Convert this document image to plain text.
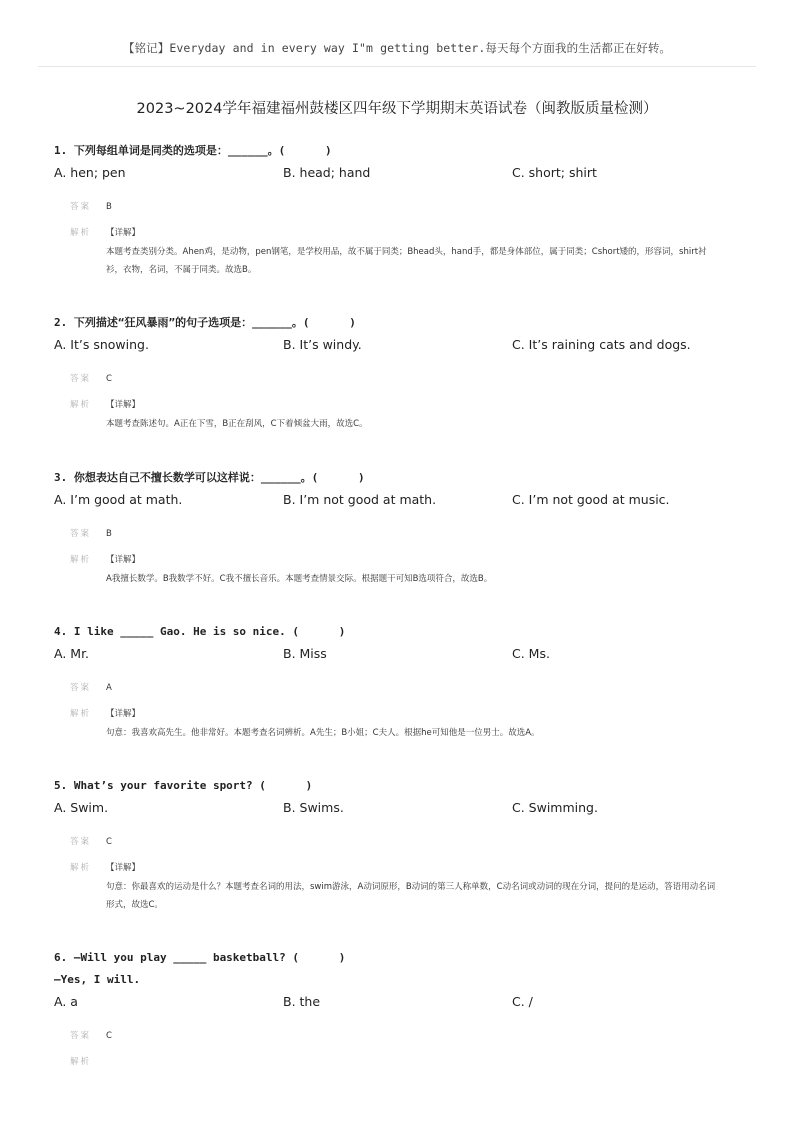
【铭记】Everyday and in every way I"m getting better.每天每个方面我的生活都正在好转。
2023~2024学年福建福州鼓楼区四年级下学期期末英语试卷（闽教版质量检测）
1. 下列每组单词是同类的选项是：______。(      )
A. hen; pen	B. head; hand	C. short; shirt
答案 B
解析 【详解】
本题考查类别分类。Ahen鸡，是动物，pen钢笔，是学校用品，故不属于同类；Bhead头，hand手，都是身体部位，属于同类；Cshort矮的，形容词，shirt衬衫，衣物，名词，不属于同类。故选B。
2. 下列描述“狂风暴雨”的句子选项是：______。(      )
A. It’s snowing.	B. It’s windy.	C. It’s raining cats and dogs.
答案 C
解析 【详解】
本题考查陈述句。A正在下雪，B正在刮风，C下着倾盆大雨，故选C。
3. 你想表达自己不擅长数学可以这样说：______。(      )
A. I’m good at math.	B. I’m not good at math.	C. I’m not good at music.
答案 B
解析 【详解】
A我擅长数学。B我数学不好。C我不擅长音乐。本题考查情景交际。根据题干可知B选项符合，故选B。
4. I like _____ Gao. He is so nice. (      )
A. Mr.	B. Miss	C. Ms.
答案 A
解析 【详解】
句意：我喜欢高先生。他非常好。本题考查名词辨析。A先生；B小姐；C夫人。根据he可知他是一位男士。故选A。
5. What’s your favorite sport? (      )
A. Swim.	B. Swims.	C. Swimming.
答案 C
解析 【详解】
句意：你最喜欢的运动是什么？本题考查名词的用法，swim游泳，A动词原形，B动词的第三人称单数，C动名词或动词的现在分词，提问的是运动，答语用动名词形式，故选C。
6. —Will you play _____ basketball? (      )
—Yes, I will.
A. a	B. the	C. /
答案 C
解析
